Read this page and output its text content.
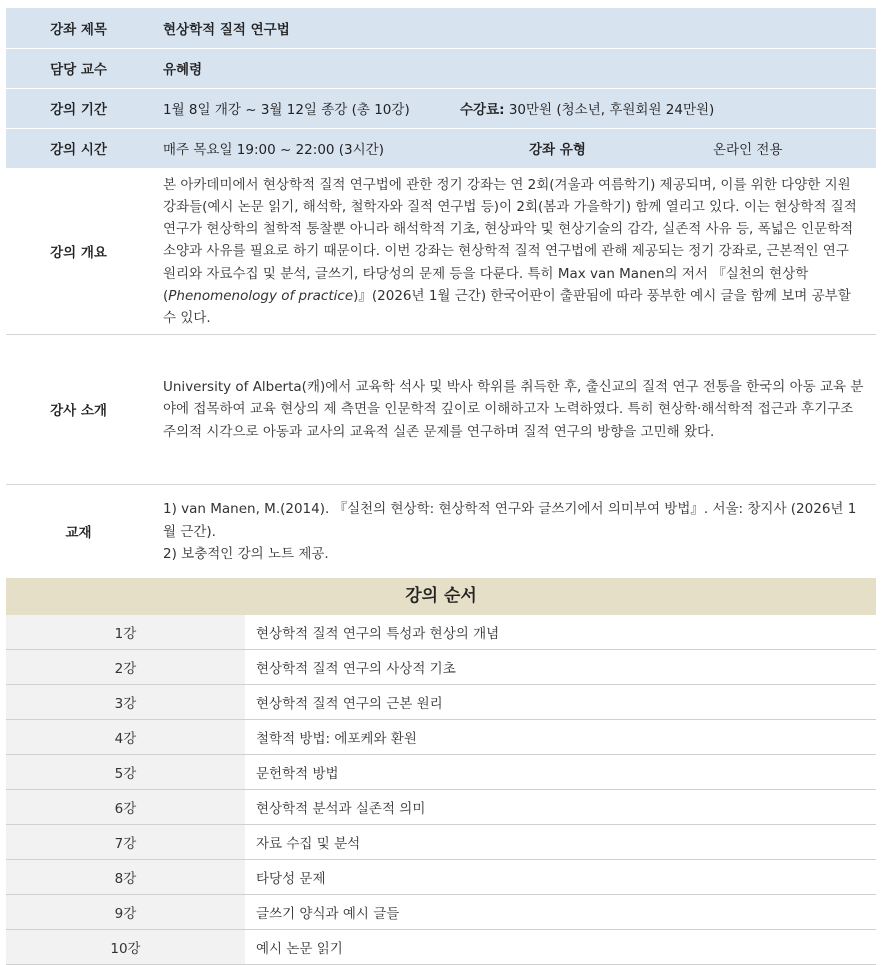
강좌 제목	현상학적 질적 연구법
담당 교수	유혜령
강의 기간	1월 8일 개강 ~ 3월 12일 종강 (총 10강) 수강료: 30만원 (청소년, 후원회원 24만원)

강의 시간	매주 목요일 19:00 ~ 22:00 (3시간) 강좌 유형 온라인 전용

강의 개요	본 아카데미에서 현상학적 질적 연구법에 관한 정기 강좌는 연 2회(겨울과 여름학기) 제공되며, 이를 위한 다양한 지원 강좌들(예시 논문 읽기, 해석학, 철학자와 질적 연구법 등)이 2회(봄과 가을학기) 함께 열리고 있다. 이는 현상학적 질적 연구가 현상학의 철학적 통찰뿐 아니라 해석학적 기초, 현상파악 및 현상기술의 감각, 실존적 사유 등, 폭넓은 인문학적 소양과 사유를 필요로 하기 때문이다. 이번 강좌는 현상학적 질적 연구법에 관해 제공되는 정기 강좌로, 근본적인 연구 원리와 자료수집 및 분석, 글쓰기, 타당성의 문제 등을 다룬다. 특히 Max van Manen의 저서 『실천의 현상학(Phenomenology of practice)』(2026년 1월 근간) 한국어판이 출판됨에 따라 풍부한 예시 글을 함께 보며 공부할 수 있다.
강사 소개	University of Alberta(캐)에서 교육학 석사 및 박사 학위를 취득한 후, 출신교의 질적 연구 전통을 한국의 아동 교육 분야에 접목하여 교육 현상의 제 측면을 인문학적 깊이로 이해하고자 노력하였다. 특히 현상학·해석학적 접근과 후기구조주의적 시각으로 아동과 교사의 교육적 실존 문제를 연구하며 질적 연구의 방향을 고민해 왔다.
교재	1) van Manen, M.(2014). 『실천의 현상학: 현상학적 연구와 글쓰기에서 의미부여 방법』. 서울: 창지사 (2026년 1월 근간).
2) 보충적인 강의 노트 제공.
강의 순서
1강	현상학적 질적 연구의 특성과 현상의 개념
2강	현상학적 질적 연구의 사상적 기초
3강	현상학적 질적 연구의 근본 원리
4강	철학적 방법: 에포케와 환원
5강	문헌학적 방법
6강	현상학적 분석과 실존적 의미
7강	자료 수집 및 분석
8강	타당성 문제
9강	글쓰기 양식과 예시 글들
10강	예시 논문 읽기
